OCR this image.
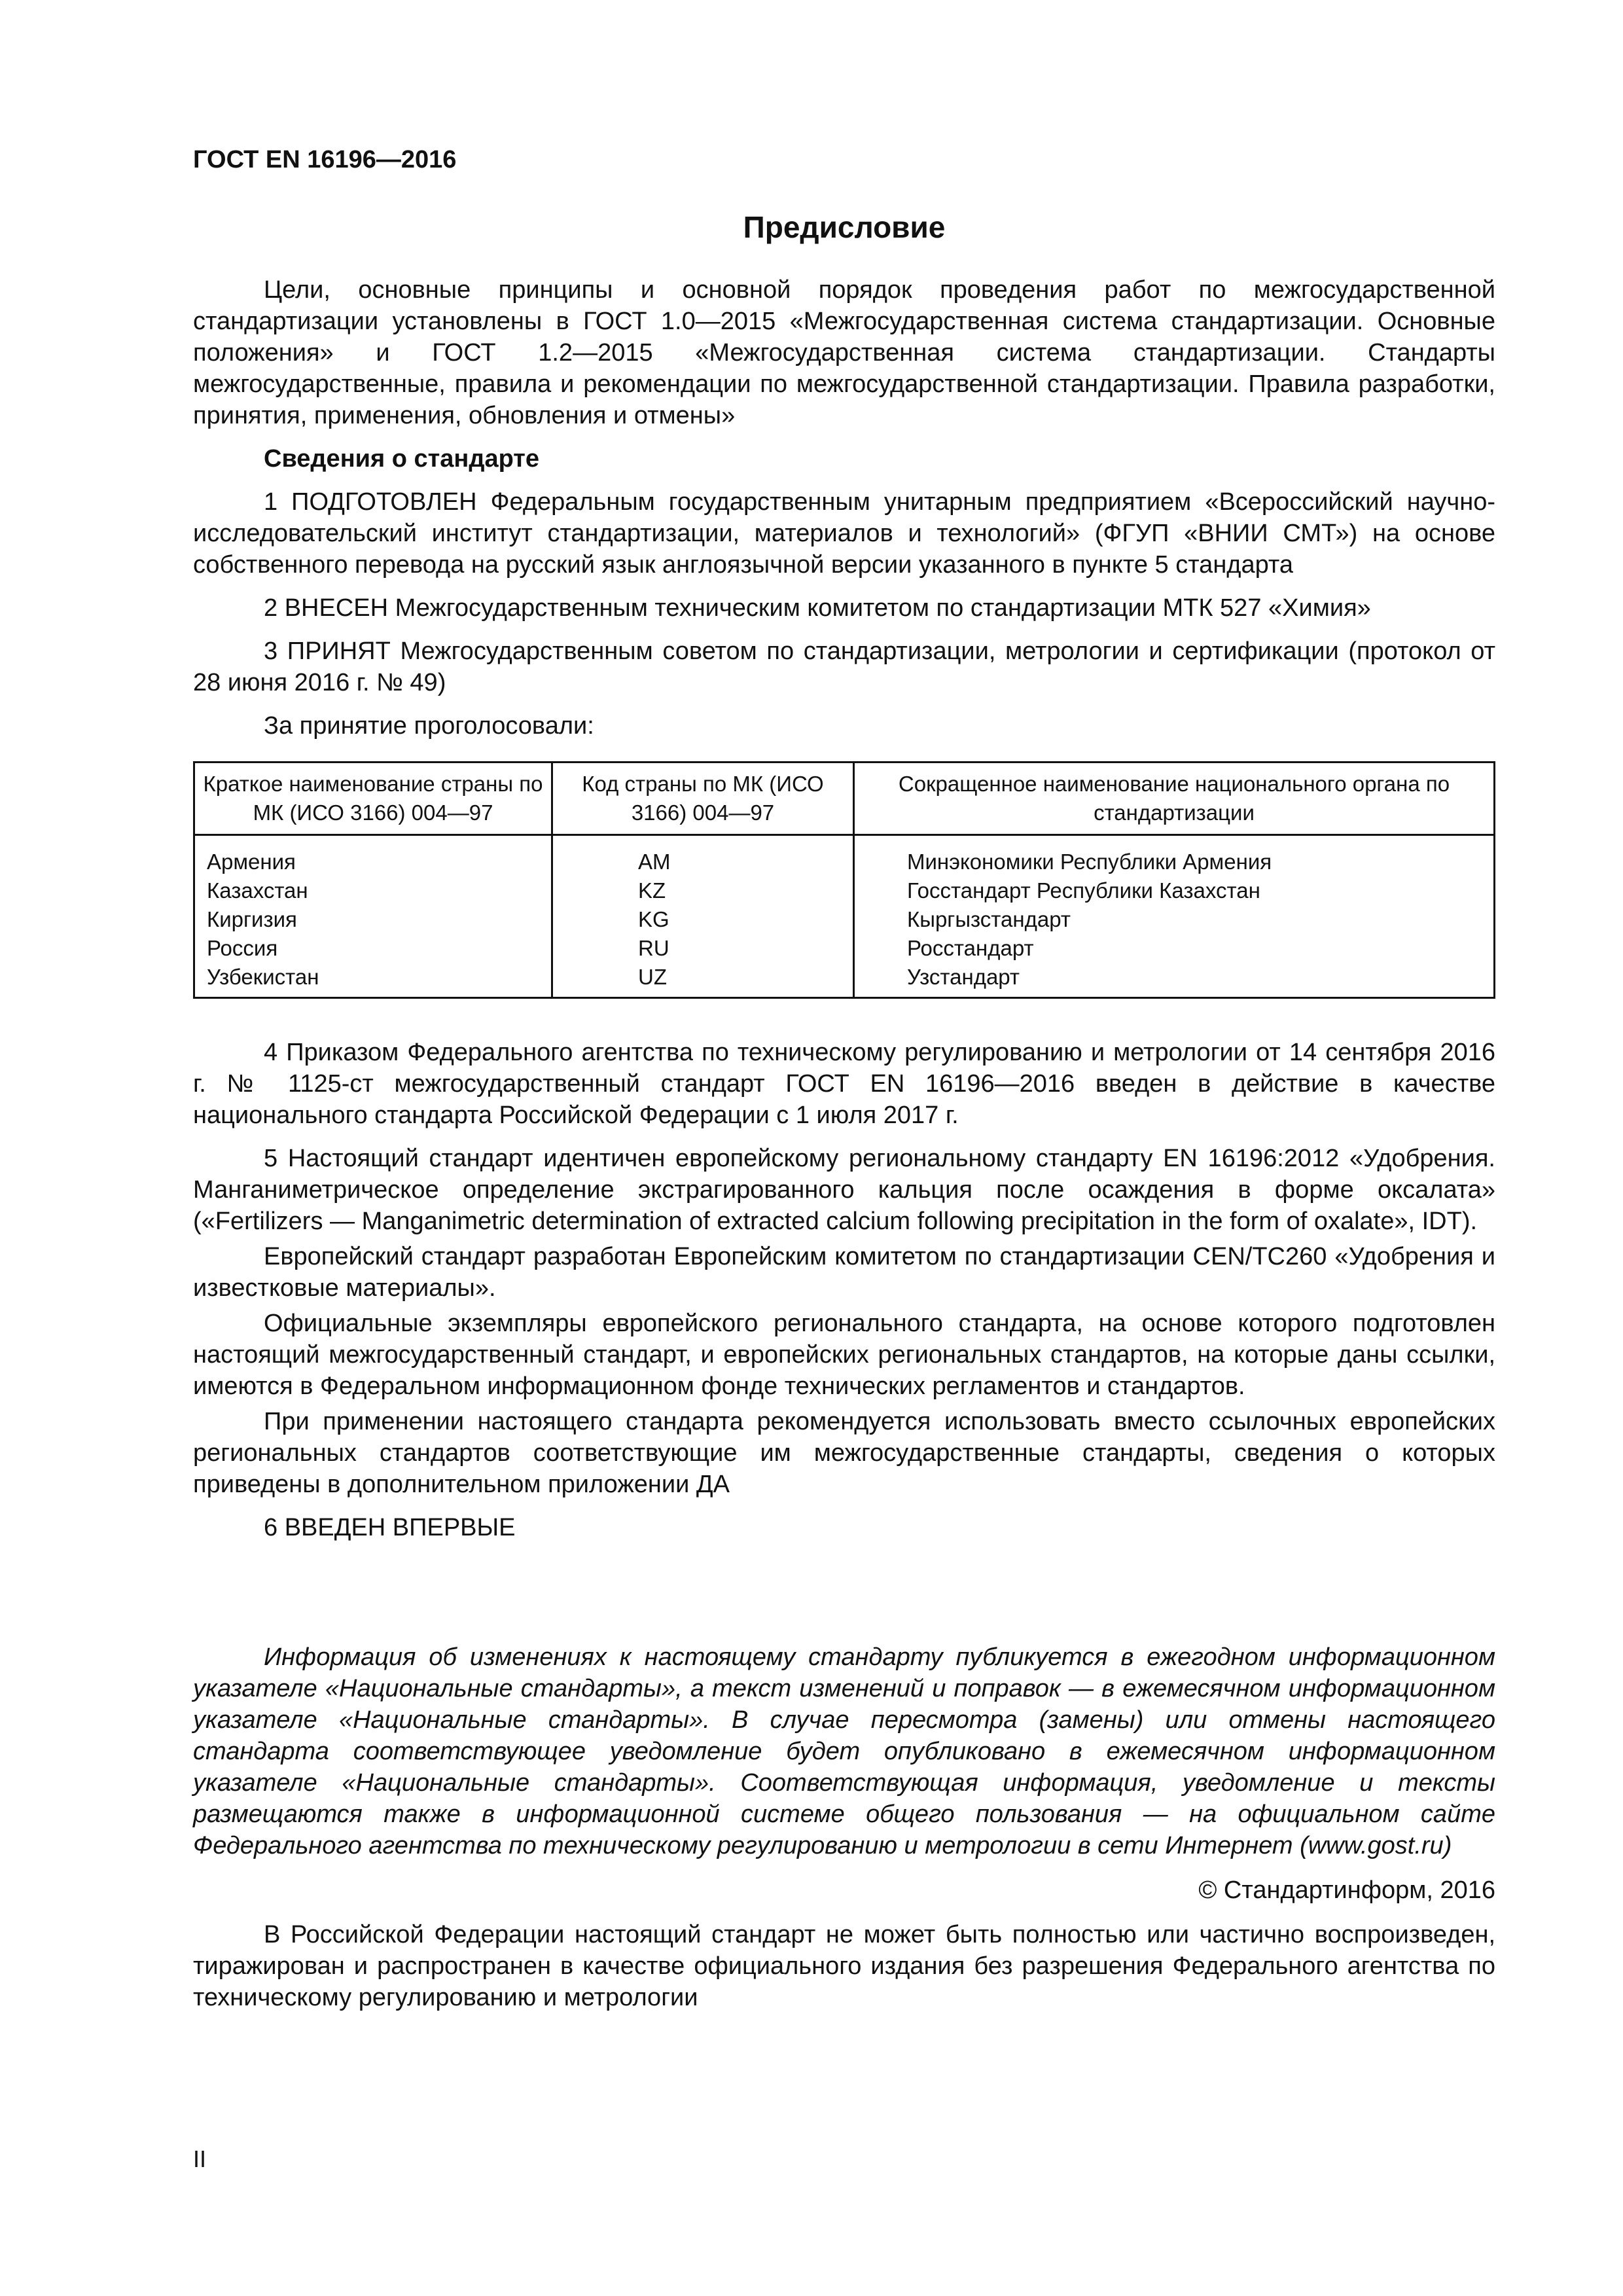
ГОСТ EN 16196—2016
Предисловие

Цели, основные принципы и основной порядок проведения работ по межгосударственной стандартизации установлены в ГОСТ 1.0—2015 «Межгосударственная система стандартизации. Основные положения» и ГОСТ 1.2—2015 «Межгосударственная система стандартизации. Стандарты межгосударственные, правила и рекомендации по межгосударственной стандартизации. Правила разработки, принятия, применения, обновления и отмены»

Сведения о стандарте

1 ПОДГОТОВЛЕН Федеральным государственным унитарным предприятием «Всероссийский научно-исследовательский институт стандартизации, материалов и технологий» (ФГУП «ВНИИ СМТ») на основе собственного перевода на русский язык англоязычной версии указанного в пункте 5 стандарта

2 ВНЕСЕН Межгосударственным техническим комитетом по стандартизации МТК 527 «Химия»

3 ПРИНЯТ Межгосударственным советом по стандартизации, метрологии и сертификации (протокол от 28 июня 2016 г. № 49)

За принятие проголосовали:
Краткое наименование страны по МК (ИСО 3166) 004—97	Код страны по МК (ИСО 3166) 004—97	Сокращенное наименование национального органа по стандартизации
Армения	AM	Минэкономики Республики Армения
Казахстан	KZ	Госстандарт Республики Казахстан
Киргизия	KG	Кыргызстандарт
Россия	RU	Росстандарт
Узбекистан	UZ	Узстандарт

4 Приказом Федерального агентства по техническому регулированию и метрологии от 14 сентября 2016 г. № 1125-ст межгосударственный стандарт ГОСТ EN 16196—2016 введен в действие в качестве национального стандарта Российской Федерации с 1 июля 2017 г.

5 Настоящий стандарт идентичен европейскому региональному стандарту EN 16196:2012 «Удобрения. Манганиметрическое определение экстрагированного кальция после осаждения в форме оксалата» («Fertilizers — Manganimetric determination of extracted calcium following precipitation in the form of oxalate», IDT).

Европейский стандарт разработан Европейским комитетом по стандартизации CEN/TC260 «Удобрения и известковые материалы».

Официальные экземпляры европейского регионального стандарта, на основе которого подготовлен настоящий межгосударственный стандарт, и европейских региональных стандартов, на которые даны ссылки, имеются в Федеральном информационном фонде технических регламентов и стандартов.

При применении настоящего стандарта рекомендуется использовать вместо ссылочных европейских региональных стандартов соответствующие им межгосударственные стандарты, сведения о которых приведены в дополнительном приложении ДА

6 ВВЕДЕН ВПЕРВЫЕ

Информация об изменениях к настоящему стандарту публикуется в ежегодном информационном указателе «Национальные стандарты», а текст изменений и поправок — в ежемесячном информационном указателе «Национальные стандарты». В случае пересмотра (замены) или отмены настоящего стандарта соответствующее уведомление будет опубликовано в ежемесячном информационном указателе «Национальные стандарты». Соответствующая информация, уведомление и тексты размещаются также в информационной системе общего пользования — на официальном сайте Федерального агентства по техническому регулированию и метрологии в сети Интернет (www.gost.ru)

© Стандартинформ, 2016

В Российской Федерации настоящий стандарт не может быть полностью или частично воспроизведен, тиражирован и распространен в качестве официального издания без разрешения Федерального агентства по техническому регулированию и метрологии

II
